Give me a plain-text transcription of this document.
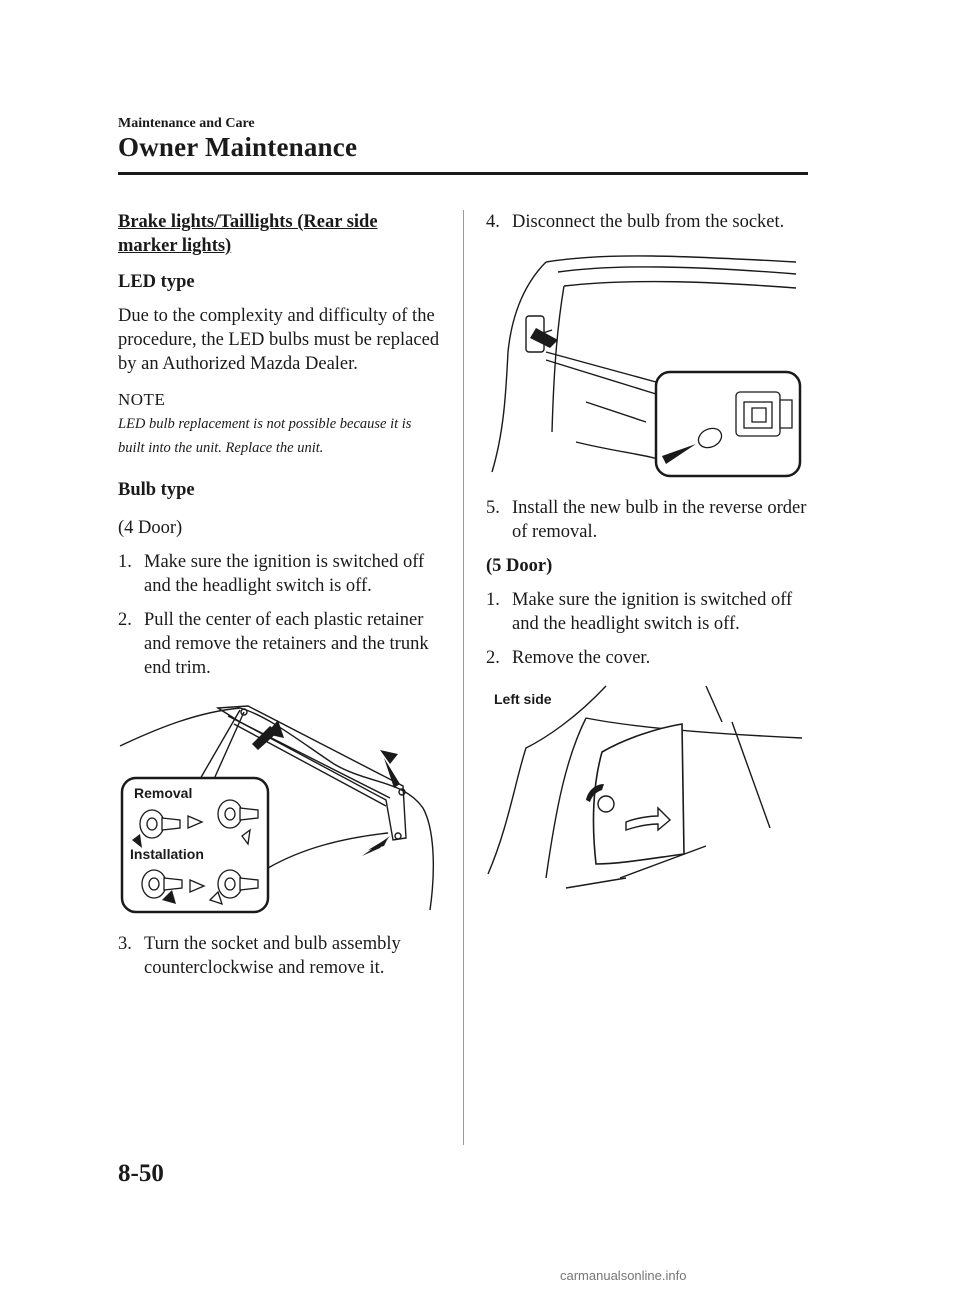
Maintenance and Care
Owner Maintenance

Brake lights/Taillights (Rear side marker lights)

LED type

Due to the complexity and difficulty of the procedure, the LED bulbs must be replaced by an Authorized Mazda Dealer.

NOTE

LED bulb replacement is not possible because it is built into the unit. Replace the unit.

Bulb type

(4 Door)

1. Make sure the ignition is switched off and the headlight switch is off.
2. Pull the center of each plastic retainer and remove the retainers and the trunk end trim.
Removal
Installation
3. Turn the socket and bulb assembly counterclockwise and remove it.
4. Disconnect the bulb from the socket.
5. Install the new bulb in the reverse order of removal.

(5 Door)

1. Make sure the ignition is switched off and the headlight switch is off.
2. Remove the cover.
Left side
8-50
carmanualsonline.info
